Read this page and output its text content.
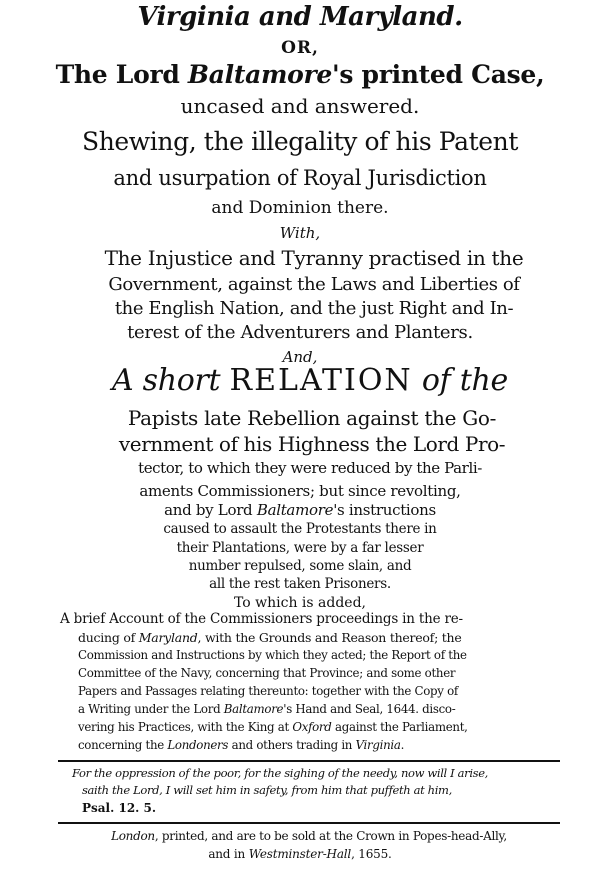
Virginia and Maryland.
OR,
The Lord Baltamore's printed Case,
uncased and answered.
Shewing, the illegality of his Patent
and usurpation of Royal Jurisdiction
and Dominion there.
With,
The Injustice and Tyranny practised in the
Government, against the Laws and Liberties of
the English Nation, and the just Right and In-
terest of the Adventurers and Planters.
And,
A short RELATION of the
Papists late Rebellion against the Go-
vernment of his Highness the Lord Pro-
tector, to which they were reduced by the Parli-
aments Commissioners; but since revolting,
and by Lord Baltamore's instructions
caused to assault the Protestants there in
their Plantations, were by a far lesser
number repulsed, some slain, and
all the rest taken Prisoners.
To which is added,
A brief Account of the Commissioners proceedings in the re-
ducing of Maryland, with the Grounds and Reason thereof; the
Commission and Instructions by which they acted; the Report of the
Committee of the Navy, concerning that Province; and some other
Papers and Passages relating thereunto: together with the Copy of
a Writing under the Lord Baltamore's Hand and Seal, 1644. disco-
vering his Practices, with the King at Oxford against the Parliament,
concerning the Londoners and others trading in Virginia.
For the oppression of the poor, for the sighing of the needy, now will I arise,
saith the Lord, I will set him in safety, from him that puffeth at him,
Psal. 12. 5.
London, printed, and are to be sold at the Crown in Popes-head-Ally,
and in Westminster-Hall, 1655.
